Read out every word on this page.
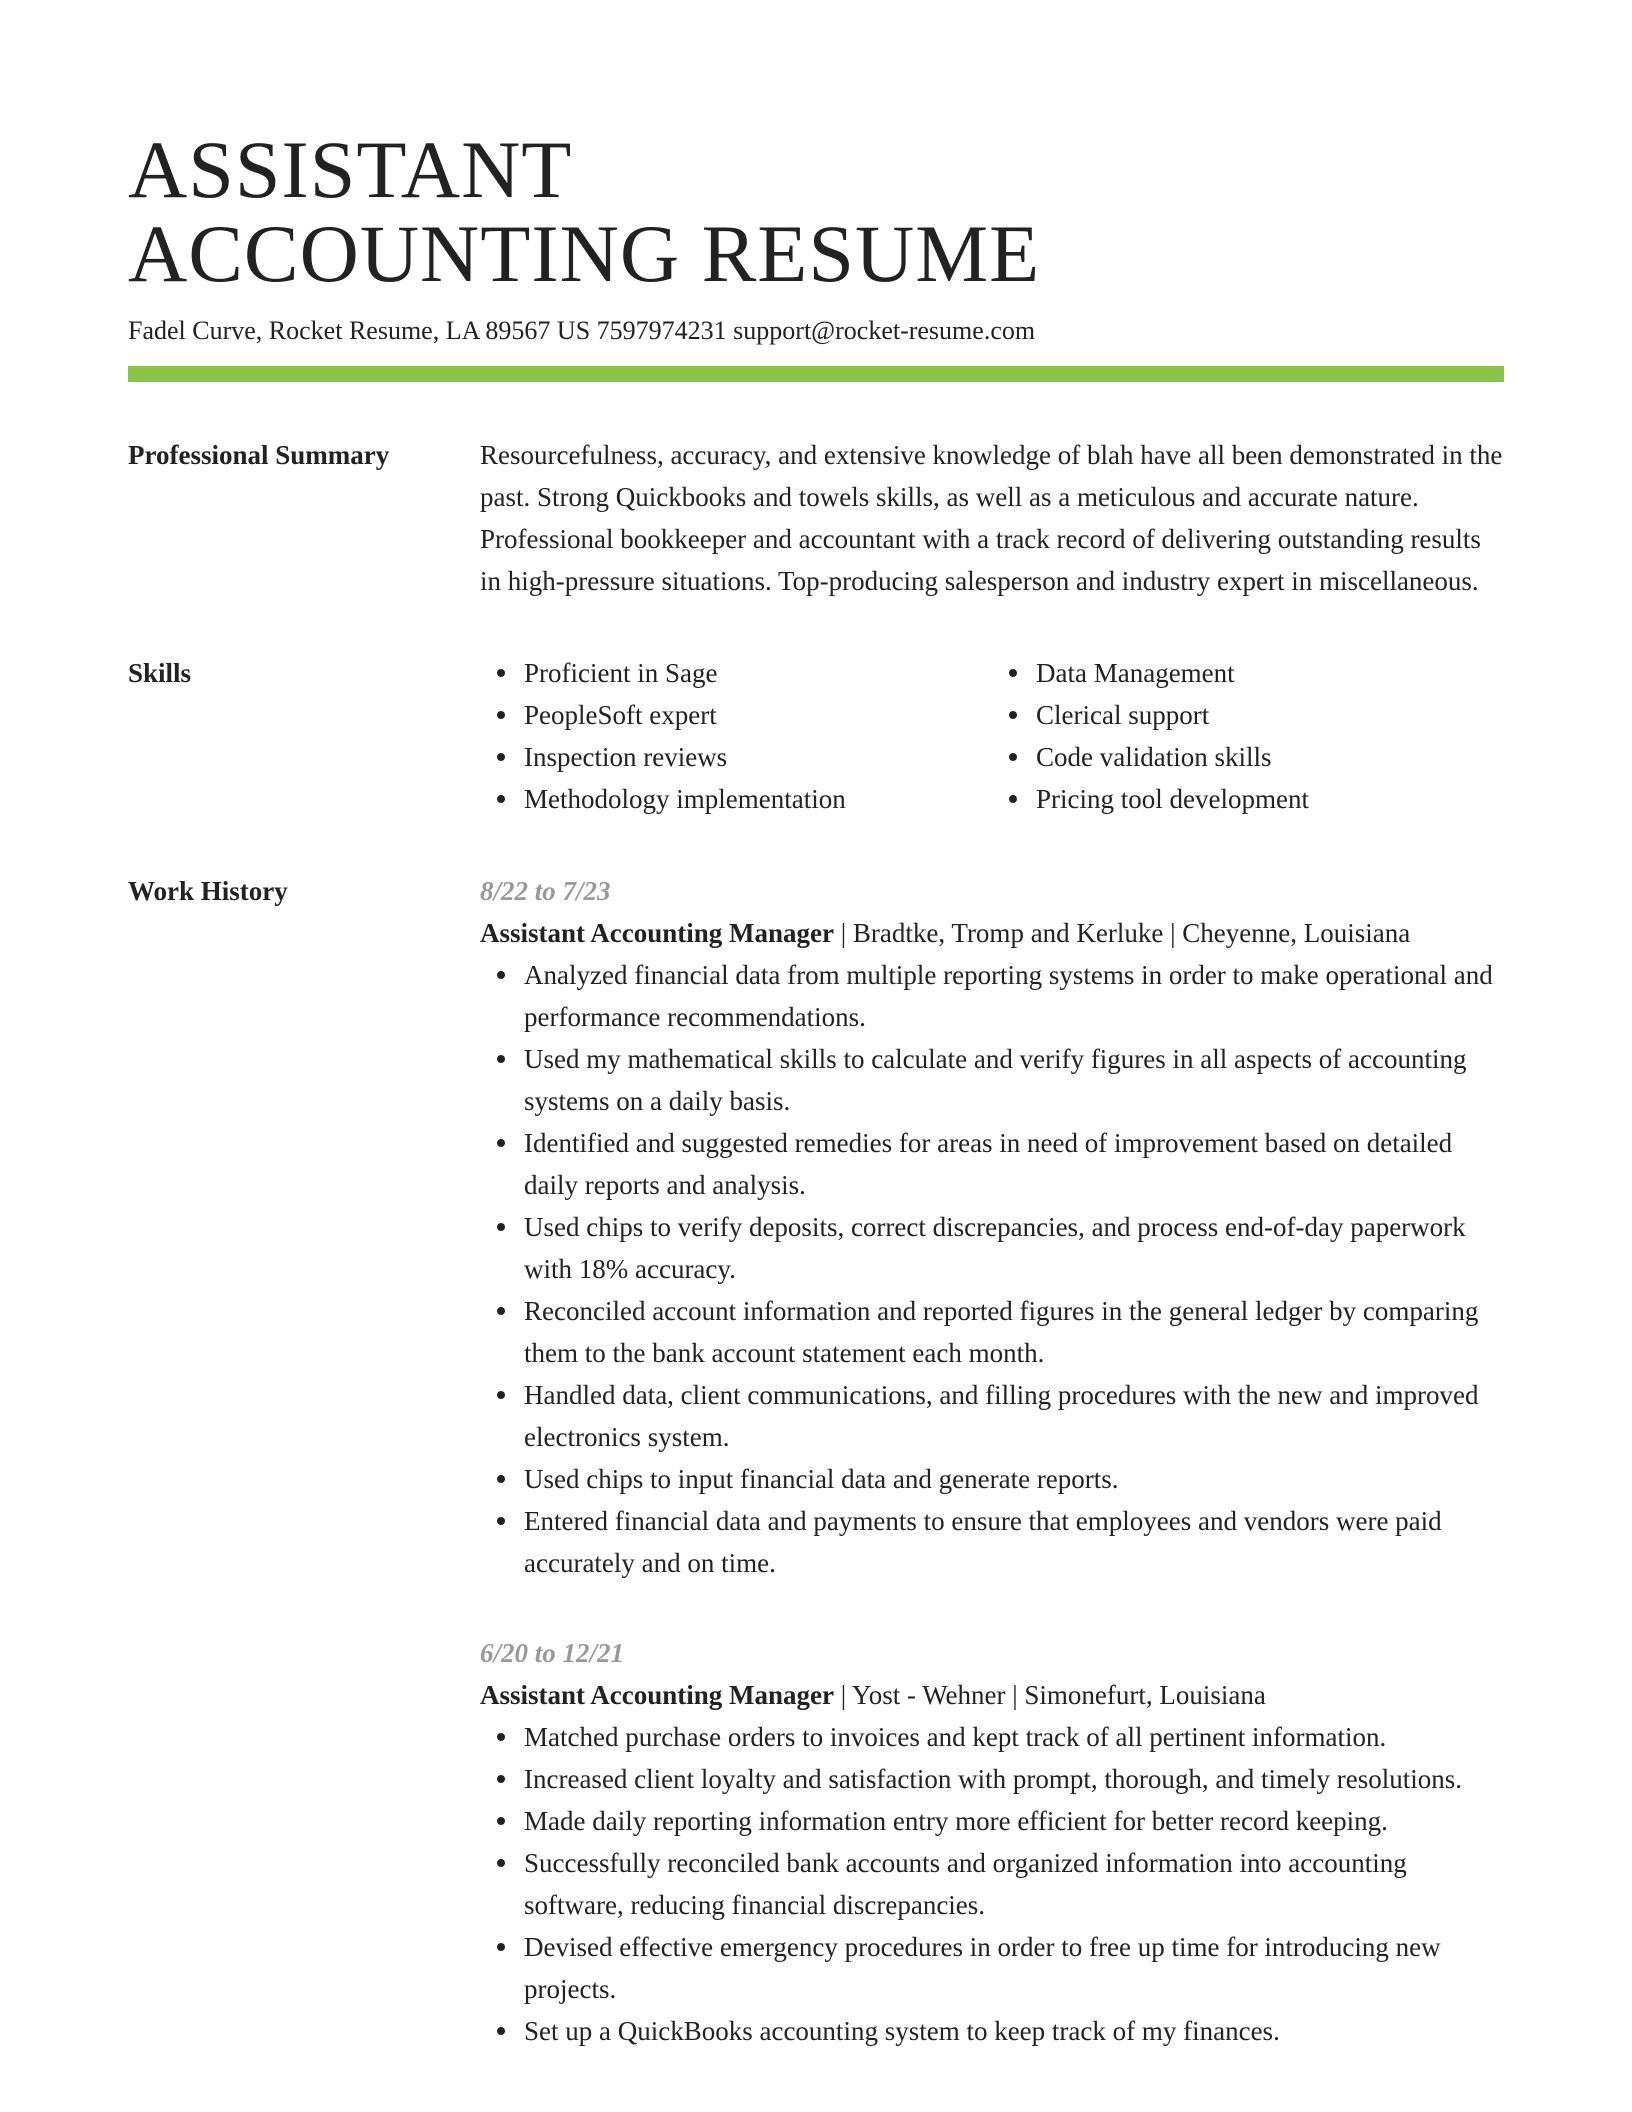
ASSISTANT
ACCOUNTING RESUME
Fadel Curve, Rocket Resume, LA 89567 US 7597974231 support@rocket-resume.com
Professional Summary	Resourcefulness, accuracy, and extensive knowledge of blah have all been demonstrated in the past. Strong Quickbooks and towels skills, as well as a meticulous and accurate nature. Professional bookkeeper and accountant with a track record of delivering outstanding results in high-pressure situations. Top-producing salesperson and industry expert in miscellaneous.

Skills	Proficient in Sage
PeopleSoft expert
Inspection reviews
Methodology implementation
Data Management
Clerical support
Code validation skills
Pricing tool development
Work History	8/22 to 7/23
Assistant Accounting Manager | Bradtke, Tromp and Kerluke | Cheyenne, Louisiana
Analyzed financial data from multiple reporting systems in order to make operational and performance recommendations.
Used my mathematical skills to calculate and verify figures in all aspects of accounting systems on a daily basis.
Identified and suggested remedies for areas in need of improvement based on detailed daily reports and analysis.
Used chips to verify deposits, correct discrepancies, and process end-of-day paperwork with 18% accuracy.
Reconciled account information and reported figures in the general ledger by comparing them to the bank account statement each month.
Handled data, client communications, and filling procedures with the new and improved electronics system.
Used chips to input financial data and generate reports.
Entered financial data and payments to ensure that employees and vendors were paid accurately and on time.
6/20 to 12/21
Assistant Accounting Manager | Yost - Wehner | Simonefurt, Louisiana
Matched purchase orders to invoices and kept track of all pertinent information.
Increased client loyalty and satisfaction with prompt, thorough, and timely resolutions.
Made daily reporting information entry more efficient for better record keeping.
Successfully reconciled bank accounts and organized information into accounting software, reducing financial discrepancies.
Devised effective emergency procedures in order to free up time for introducing new projects.
Set up a QuickBooks accounting system to keep track of my finances.
